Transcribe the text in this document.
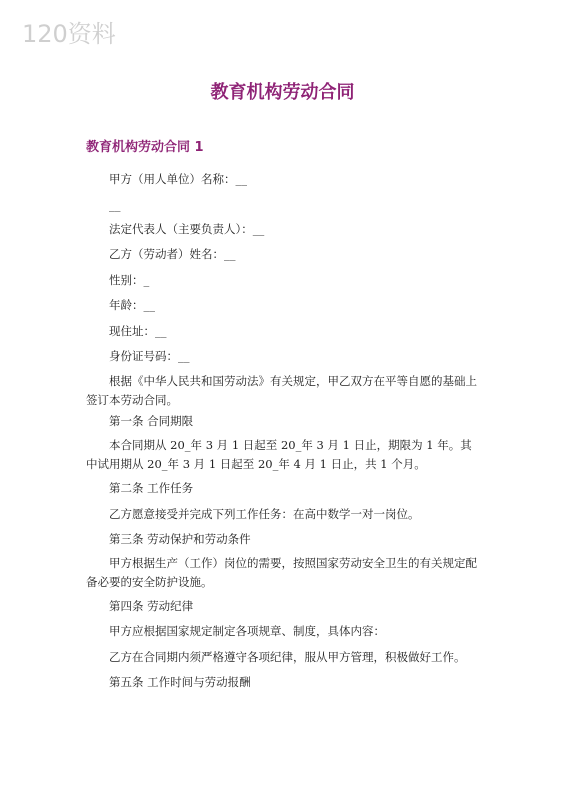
120资料
教育机构劳动合同
教育机构劳动合同 1

甲方（用人单位）名称：__

__

法定代表人（主要负责人）：__

乙方（劳动者）姓名：__

性别：_

年龄：__

现住址：__

身份证号码：__

根据《中华人民共和国劳动法》有关规定，甲乙双方在平等自愿的基础上签订本劳动合同。

第一条 合同期限

本合同期从 20_年 3 月 1 日起至 20_年 3 月 1 日止，期限为 1 年。其中试用期从 20_年 3 月 1 日起至 20_年 4 月 1 日止，共 1 个月。

第二条 工作任务

乙方愿意接受并完成下列工作任务：在高中数学一对一岗位。

第三条 劳动保护和劳动条件

甲方根据生产（工作）岗位的需要，按照国家劳动安全卫生的有关规定配备必要的安全防护设施。

第四条 劳动纪律

甲方应根据国家规定制定各项规章、制度，具体内容：

乙方在合同期内须严格遵守各项纪律，服从甲方管理，积极做好工作。

第五条 工作时间与劳动报酬
